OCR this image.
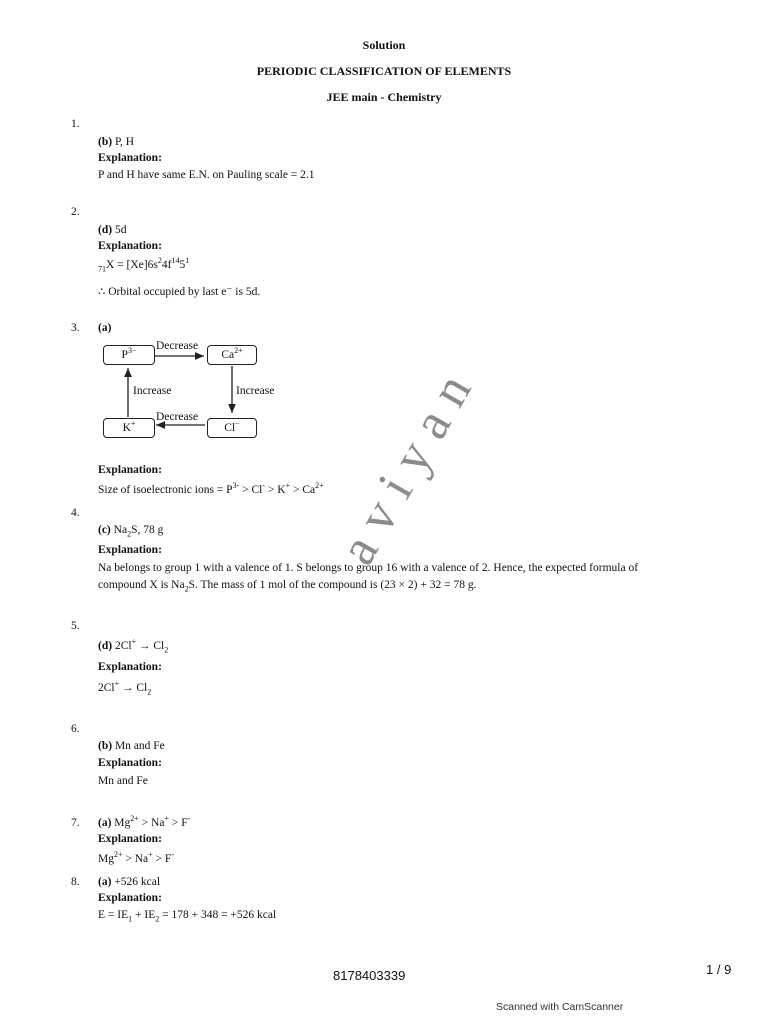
Solution
PERIODIC CLASSIFICATION OF ELEMENTS
JEE main - Chemistry
1.
(b) P, H
Explanation:
P and H have same E.N. on Pauling scale = 2.1
2.
(d) 5d
Explanation:
$_{71}X = [Xe]6s^24f^{14}5^1$
∴ Orbital occupied by last e⁻ is 5d.
3. (a)
$P^{3-}$	$Ca^{2+}$
K+	Cl−
Decrease
Decrease
Increase	Increase
Explanation:
Size of isoelectronic ions = $P^{3-} > Cl^- > K^+ > Ca^{2+}$
4.
(c) $Na_2S$, 78 g
Explanation:
Na belongs to group 1 with a valence of 1. S belongs to group 16 with a valence of 2. Hence, the expected formula of compound X is $Na_2S$. The mass of 1 mol of the compound is (23 × 2) + 32 = 78 g.
5.
(d) $2Cl^+ \to Cl_2$
Explanation:
$2Cl^+ \to Cl_2$
6.
(b) Mn and Fe
Explanation:
Mn and Fe
7. (a) $Mg^{2+} > Na^+ > F^-$
Explanation:
$Mg^{2+} > Na^+ > F^-$
8. (a) +526 kcal
Explanation:
$E = IE_1 + IE_2 = 178 + 348 = +526$ kcal
aviyan
8178403339	1 / 9
Scanned with CamScanner
